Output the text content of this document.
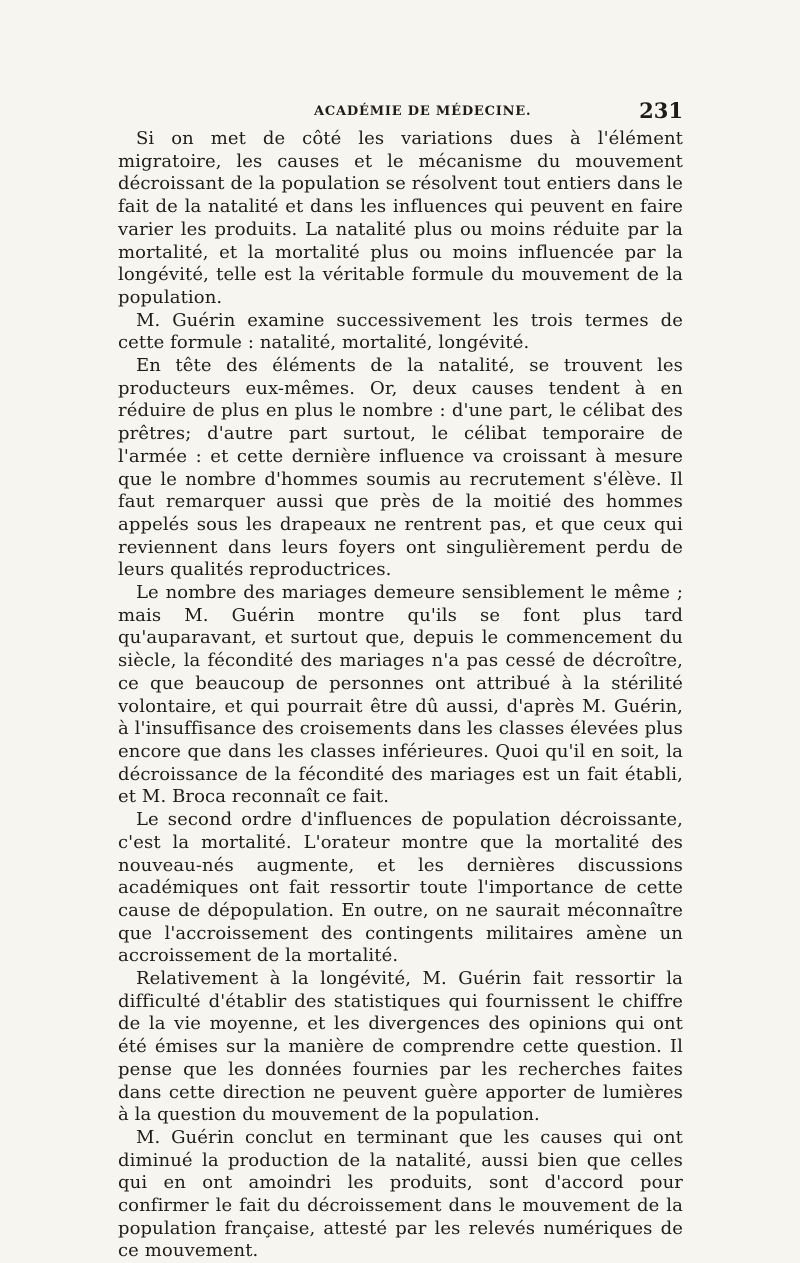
ACADÉMIE DE MÉDECINE.	231

Si on met de côté les variations dues à l'élément migratoire, les causes et le mécanisme du mouvement décroissant de la population se résolvent tout entiers dans le fait de la natalité et dans les influences qui peuvent en faire varier les produits. La natalité plus ou moins réduite par la mortalité, et la mortalité plus ou moins influencée par la longévité, telle est la véritable formule du mouvement de la population.

M. Guérin examine successivement les trois termes de cette formule : natalité, mortalité, longévité.

En tête des éléments de la natalité, se trouvent les producteurs eux-mêmes. Or, deux causes tendent à en réduire de plus en plus le nombre : d'une part, le célibat des prêtres; d'autre part surtout, le célibat temporaire de l'armée : et cette dernière influence va croissant à mesure que le nombre d'hommes soumis au recrutement s'élève. Il faut remarquer aussi que près de la moitié des hommes appelés sous les drapeaux ne rentrent pas, et que ceux qui reviennent dans leurs foyers ont singulièrement perdu de leurs qualités reproductrices.

Le nombre des mariages demeure sensiblement le même ; mais M. Guérin montre qu'ils se font plus tard qu'auparavant, et surtout que, depuis le commencement du siècle, la fécondité des mariages n'a pas cessé de décroître, ce que beaucoup de personnes ont attribué à la stérilité volontaire, et qui pourrait être dû aussi, d'après M. Guérin, à l'insuffisance des croisements dans les classes élevées plus encore que dans les classes inférieures. Quoi qu'il en soit, la décroissance de la fécondité des mariages est un fait établi, et M. Broca reconnaît ce fait.

Le second ordre d'influences de population décroissante, c'est la mortalité. L'orateur montre que la mortalité des nouveau-nés augmente, et les dernières discussions académiques ont fait ressortir toute l'importance de cette cause de dépopulation. En outre, on ne saurait méconnaître que l'accroissement des contingents militaires amène un accroissement de la mortalité.

Relativement à la longévité, M. Guérin fait ressortir la difficulté d'établir des statistiques qui fournissent le chiffre de la vie moyenne, et les divergences des opinions qui ont été émises sur la manière de comprendre cette question. Il pense que les données fournies par les recherches faites dans cette direction ne peuvent guère apporter de lumières à la question du mouvement de la population.

M. Guérin conclut en terminant que les causes qui ont diminué la production de la natalité, aussi bien que celles qui en ont amoindri les produits, sont d'accord pour confirmer le fait du décroissement dans le mouvement de la population française, attesté par les relevés numériques de ce mouvement.
